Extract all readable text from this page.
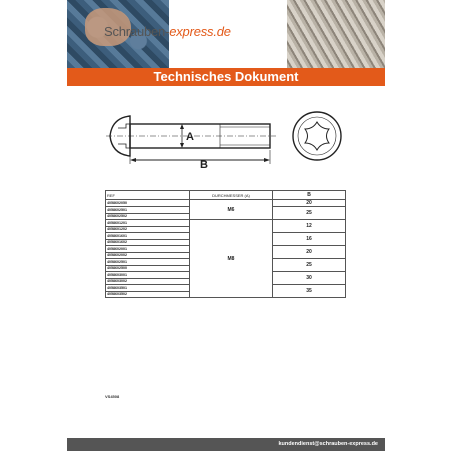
Schrauben-express.de
Technisches Dokument
A
B
REF	DURCHMESSER (A)	B
4058602050	M6	20
4058602501		25
4058602502		
4058601201	M8	12
4058601202		
4058601601		16
4058601602		
4058602001		20
4058602002		
4058602501		25
4058602500		
4058603001		30
4058603002		
4058603501		35
4058603502		
VS4508
kundendienst@schrauben-express.de
